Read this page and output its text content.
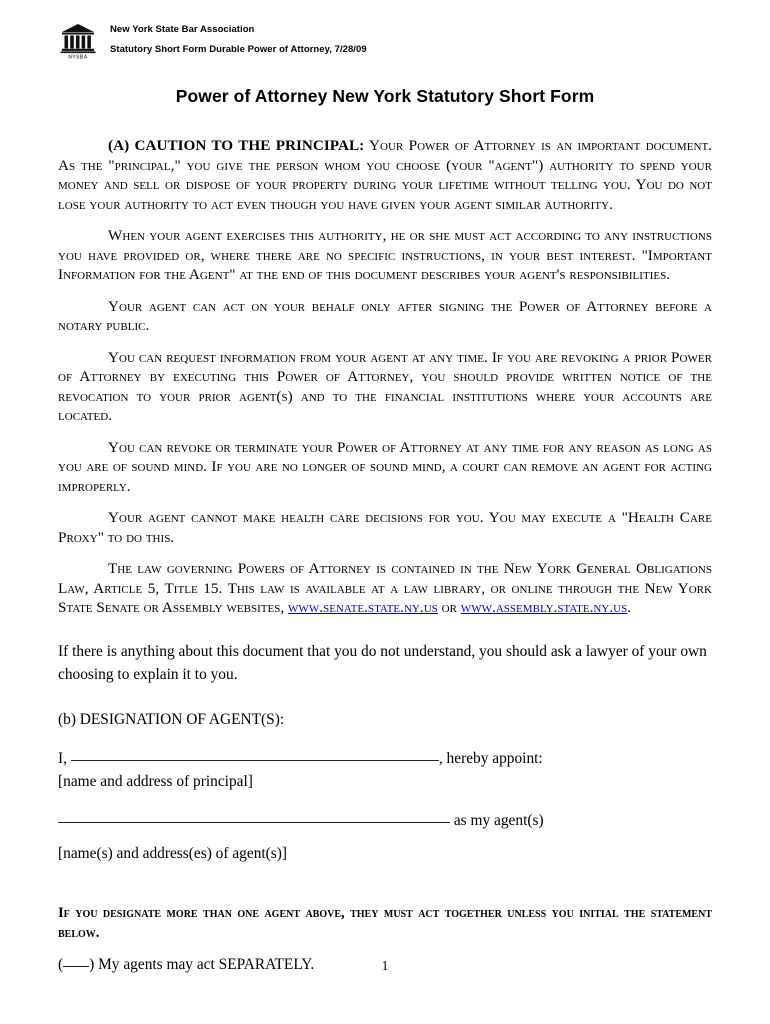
NYSBA
New York State Bar Association
Statutory Short Form Durable Power of Attorney, 7/28/09
Power of Attorney New York Statutory Short Form

(A) CAUTION TO THE PRINCIPAL: Your Power of Attorney is an important document. As the "principal," you give the person whom you choose (your "agent") authority to spend your money and sell or dispose of your property during your lifetime without telling you. You do not lose your authority to act even though you have given your agent similar authority.

When your agent exercises this authority, he or she must act according to any instructions you have provided or, where there are no specific instructions, in your best interest. "Important Information for the Agent" at the end of this document describes your agent's responsibilities.

Your agent can act on your behalf only after signing the Power of Attorney before a notary public.

You can request information from your agent at any time. If you are revoking a prior Power of Attorney by executing this Power of Attorney, you should provide written notice of the revocation to your prior agent(s) and to the financial institutions where your accounts are located.

You can revoke or terminate your Power of Attorney at any time for any reason as long as you are of sound mind. If you are no longer of sound mind, a court can remove an agent for acting improperly.

Your agent cannot make health care decisions for you. You may execute a "Health Care Proxy" to do this.

The law governing Powers of Attorney is contained in the New York General Obligations Law, Article 5, Title 15. This law is available at a law library, or online through the New York State Senate or Assembly websites, www.senate.state.ny.us or www.assembly.state.ny.us.

If there is anything about this document that you do not understand, you should ask a lawyer of your own choosing to explain it to you.

(b) DESIGNATION OF AGENT(S):

I,	, hereby appoint:
[name and address of principal]
as my agent(s)
[name(s) and address(es) of agent(s)]

If you designate more than one agent above, they must act together unless you initial the statement below.

( ) My agents may act SEPARATELY.	1
